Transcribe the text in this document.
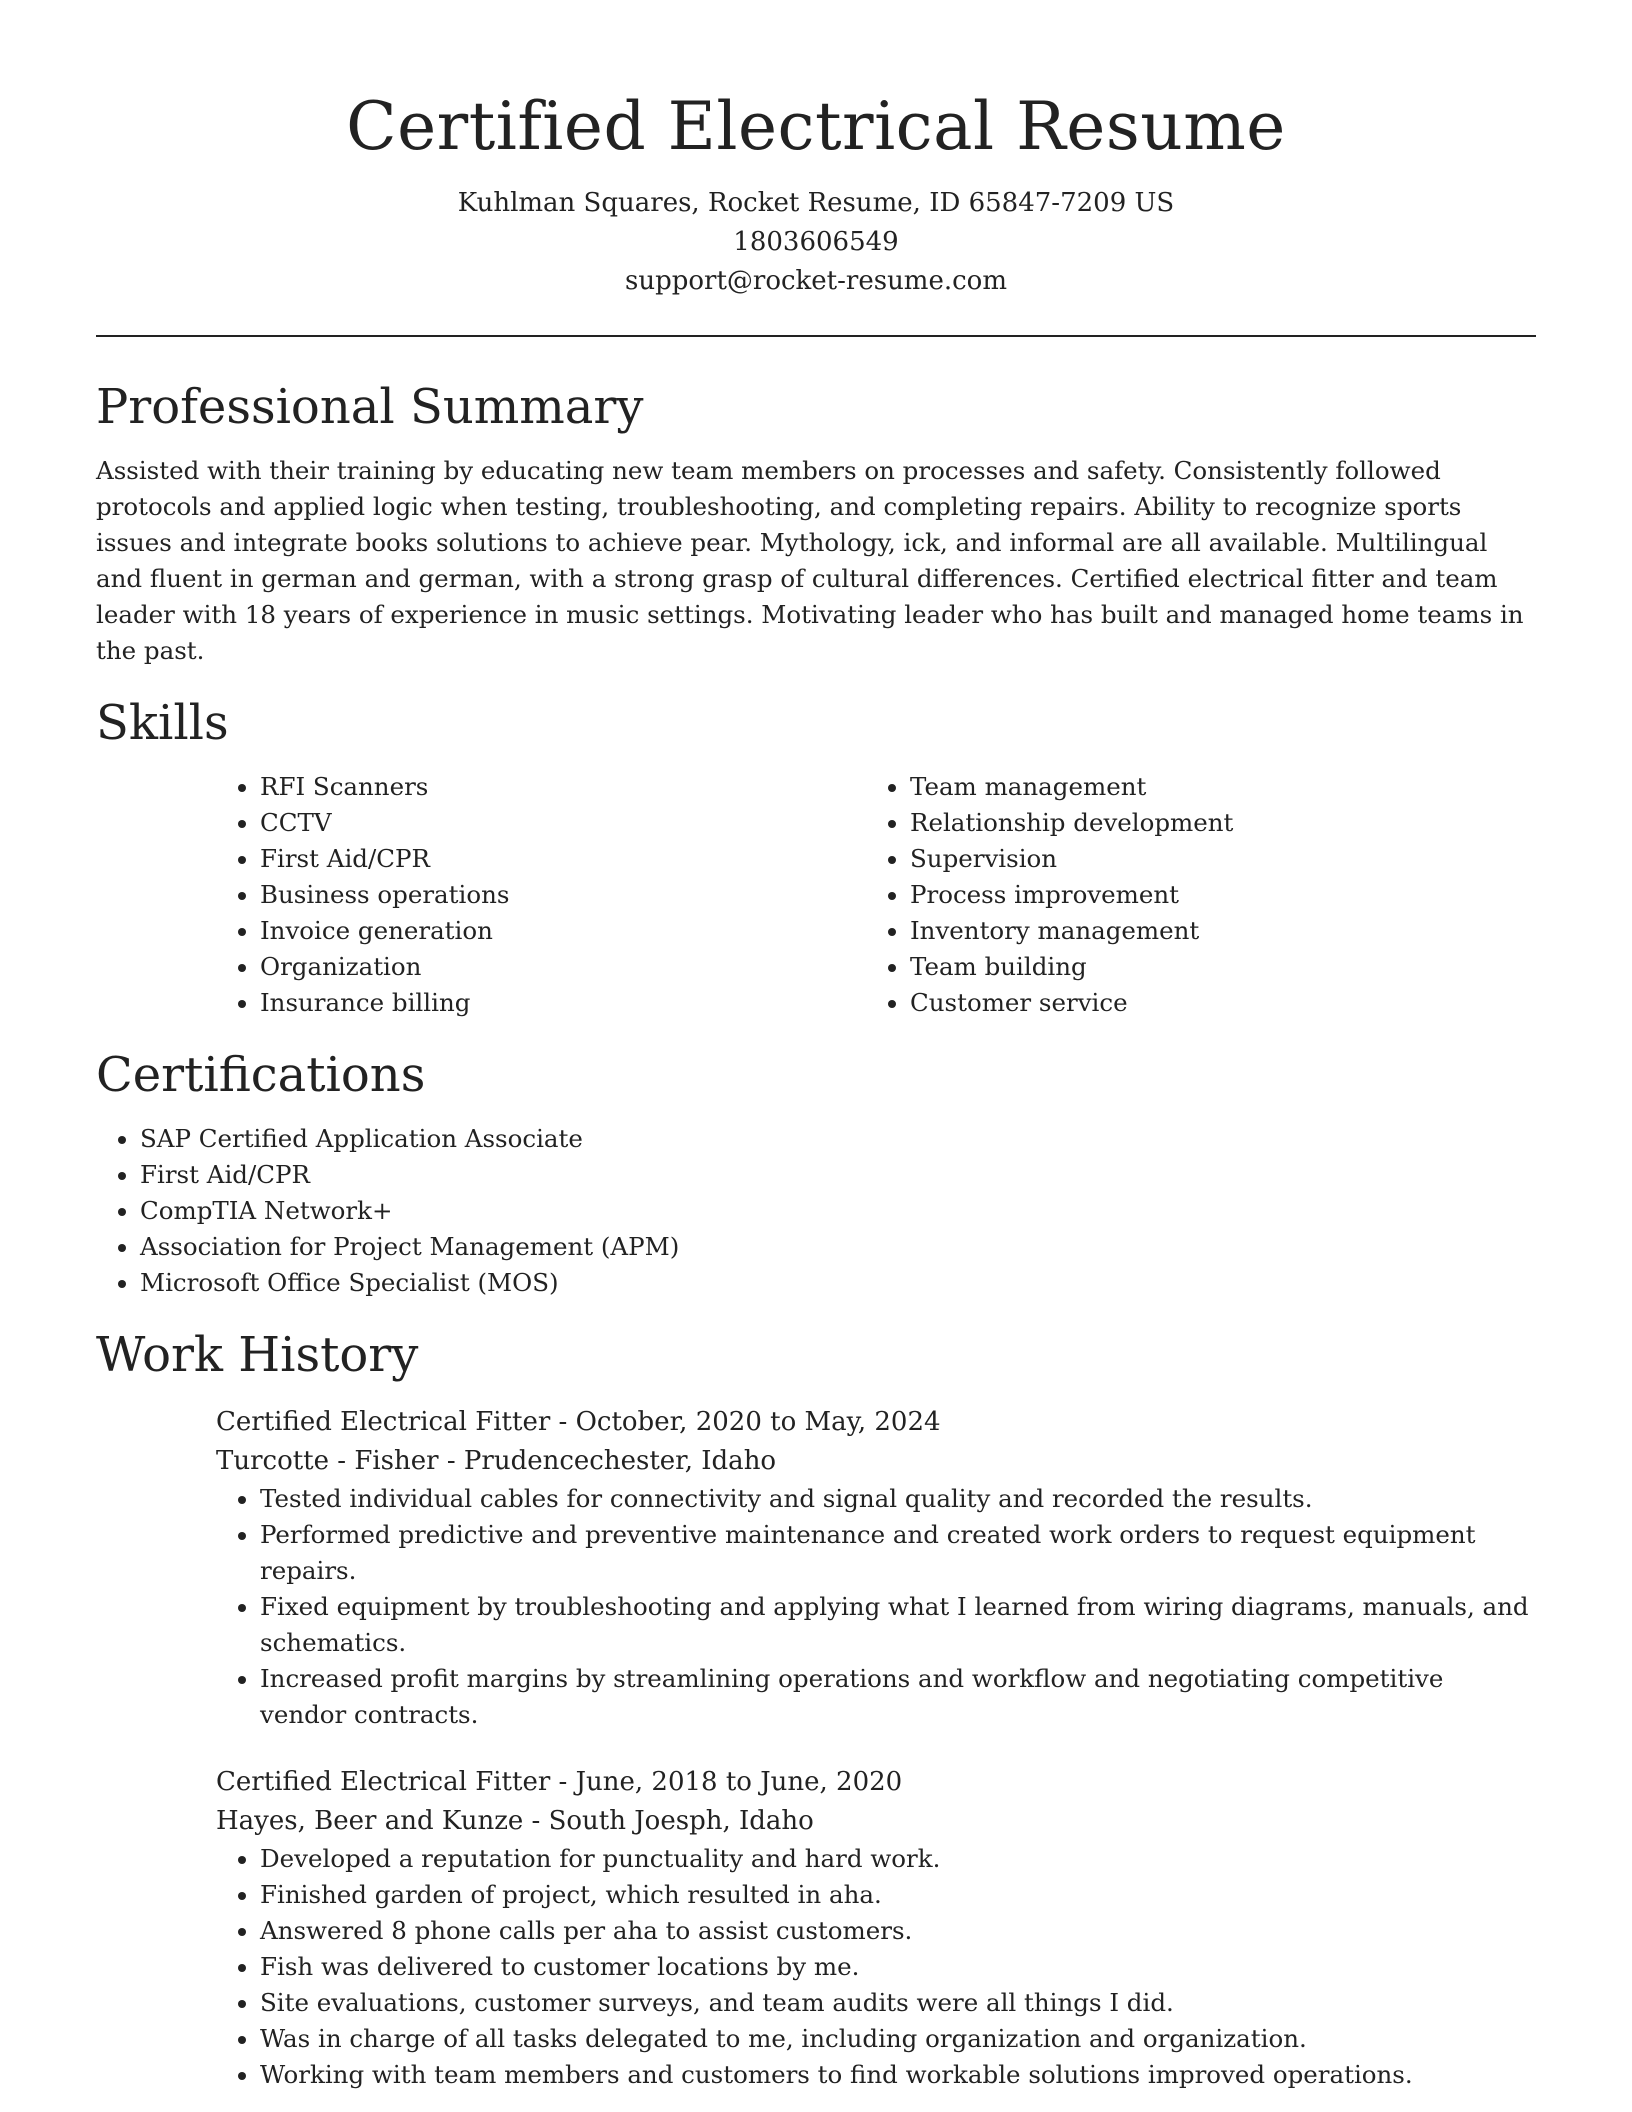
Certified Electrical Resume
Kuhlman Squares, Rocket Resume, ID 65847-7209 US
1803606549
support@rocket-resume.com
Professional Summary

Assisted with their training by educating new team members on processes and safety. Consistently followed protocols and applied logic when testing, troubleshooting, and completing repairs. Ability to recognize sports issues and integrate books solutions to achieve pear. Mythology, ick, and informal are all available. Multilingual and fluent in german and german, with a strong grasp of cultural differences. Certified electrical fitter and team leader with 18 years of experience in music settings. Motivating leader who has built and managed home teams in the past.

Skills
• RFI Scanners
• CCTV
• First Aid/CPR
• Business operations
• Invoice generation
• Organization
• Insurance billing
• Team management
• Relationship development
• Supervision
• Process improvement
• Inventory management
• Team building
• Customer service
Certifications
• SAP Certified Application Associate
• First Aid/CPR
• CompTIA Network+
• Association for Project Management (APM)
• Microsoft Office Specialist (MOS)
Work History

Certified Electrical Fitter - October, 2020 to May, 2024

Turcotte - Fisher - Prudencechester, Idaho

• Tested individual cables for connectivity and signal quality and recorded the results.
• Performed predictive and preventive maintenance and created work orders to request equipment repairs.
• Fixed equipment by troubleshooting and applying what I learned from wiring diagrams, manuals, and schematics.
• Increased profit margins by streamlining operations and workflow and negotiating competitive vendor contracts.

Certified Electrical Fitter - June, 2018 to June, 2020

Hayes, Beer and Kunze - South Joesph, Idaho

• Developed a reputation for punctuality and hard work.
• Finished garden of project, which resulted in aha.
• Answered 8 phone calls per aha to assist customers.
• Fish was delivered to customer locations by me.
• Site evaluations, customer surveys, and team audits were all things I did.
• Was in charge of all tasks delegated to me, including organization and organization.
• Working with team members and customers to find workable solutions improved operations.
